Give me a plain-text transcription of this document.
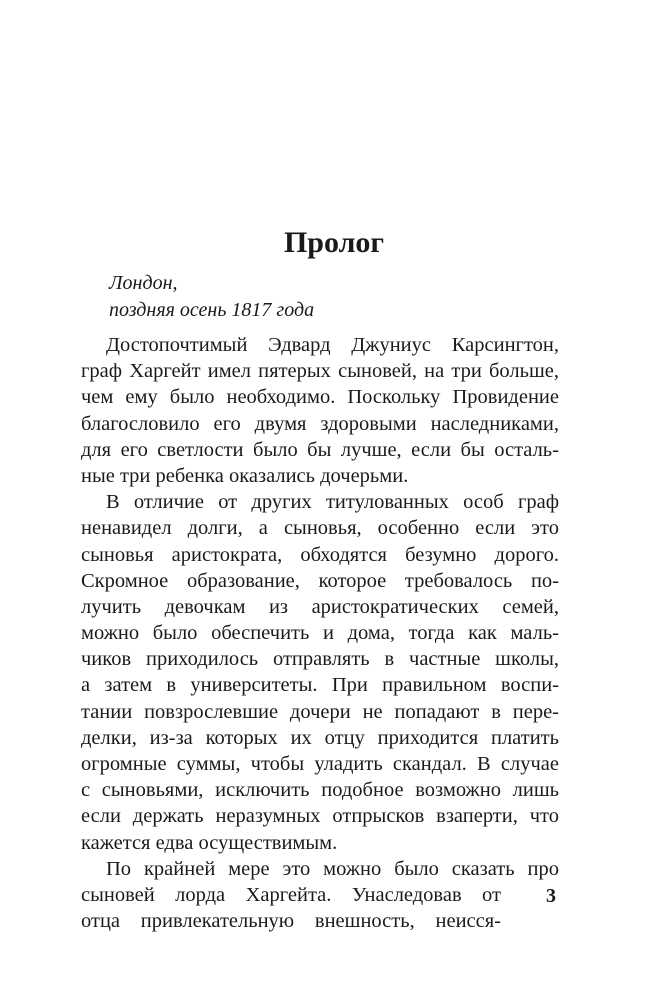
Пролог
Лондон,
поздняя осень 1817 года
Достопочтимый Эдвард Джуниус Карсингтон,
граф Харгейт имел пятерых сыновей, на три больше,
чем ему было необходимо. Поскольку Провидение
благословило его двумя здоровыми наследниками,
для его светлости было бы лучше, если бы осталь-
ные три ребенка оказались дочерьми.
В отличие от других титулованных особ граф
ненавидел долги, а сыновья, особенно если это
сыновья аристократа, обходятся безумно дорого.
Скромное образование, которое требовалось по-
лучить девочкам из аристократических семей,
можно было обеспечить и дома, тогда как маль-
чиков приходилось отправлять в частные школы,
а затем в университеты. При правильном воспи-
тании повзрослевшие дочери не попадают в пере-
делки, из-за которых их отцу приходится платить
огромные суммы, чтобы уладить скандал. В случае
с сыновьями, исключить подобное возможно лишь
если держать неразумных отпрысков взаперти, что
кажется едва осуществимым.
По крайней мере это можно было сказать про
сыновей лорда Харгейта. Унаследовав от
отца привлекательную внешность, неисся-
3
